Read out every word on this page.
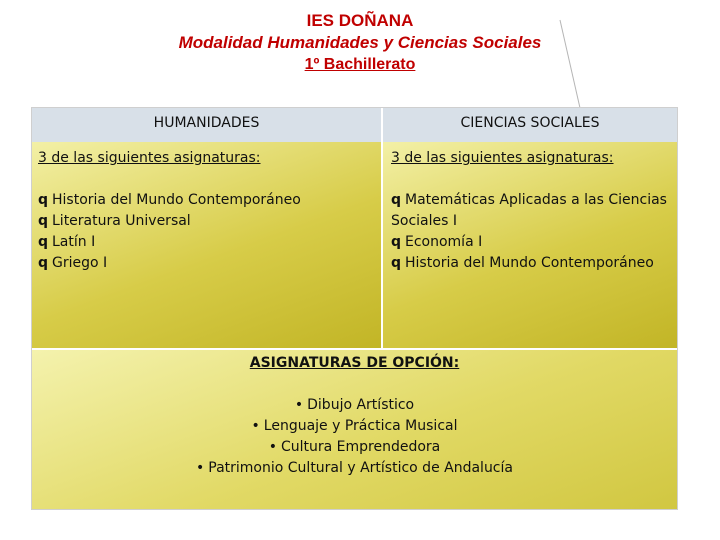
IES DOÑANA
Modalidad Humanidades y Ciencias Sociales
1º Bachillerato
HUMANIDADES	CIENCIAS SOCIALES
3 de las siguientes asignaturas:
q Historia del Mundo Contemporáneo
q Literatura Universal
q Latín I
q Griego I
3 de las siguientes asignaturas:
q Matemáticas Aplicadas a las Ciencias Sociales I
q Economía I
q Historia del Mundo Contemporáneo
ASIGNATURAS DE OPCIÓN:
• Dibujo Artístico
• Lenguaje y Práctica Musical
• Cultura Emprendedora
• Patrimonio Cultural y Artístico de Andalucía
